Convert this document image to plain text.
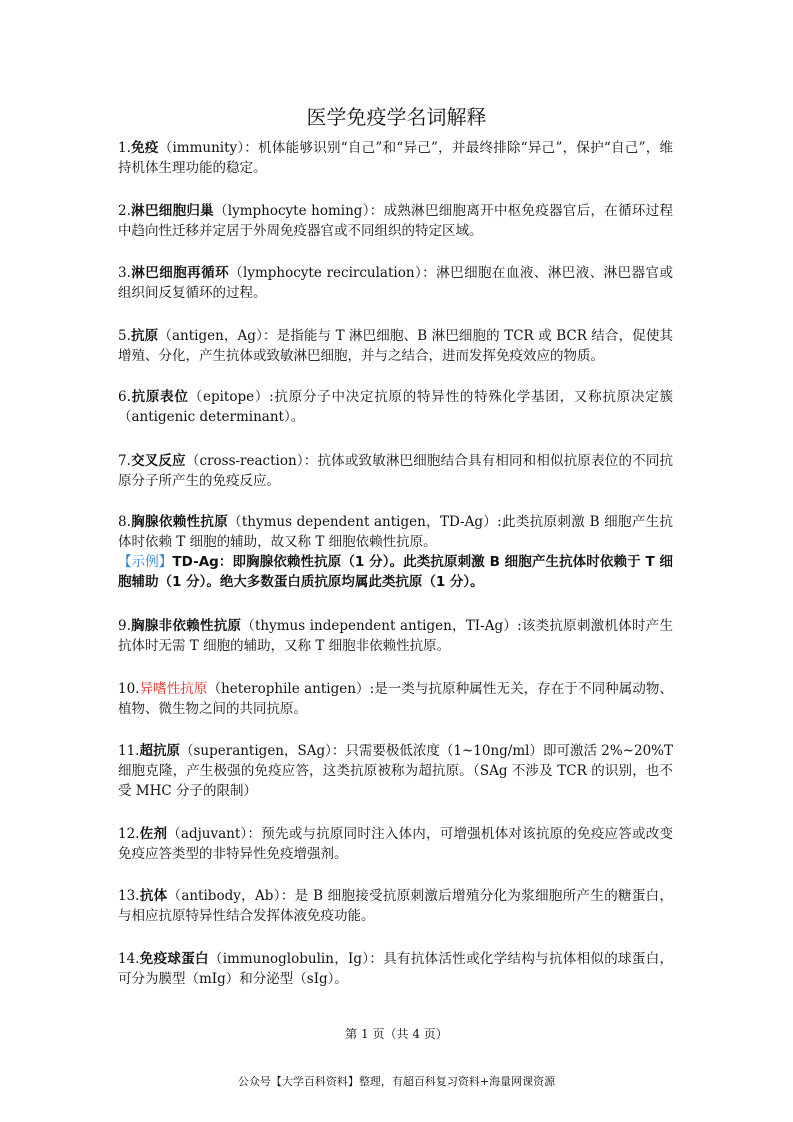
医学免疫学名词解释
1.免疫（immunity）：机体能够识别“自己”和“异己”，并最终排除“异己”，保护“自己”，维持机体生理功能的稳定。
2.淋巴细胞归巢（lymphocyte homing）：成熟淋巴细胞离开中枢免疫器官后，在循环过程中趋向性迁移并定居于外周免疫器官或不同组织的特定区域。
3.淋巴细胞再循环（lymphocyte recirculation）：淋巴细胞在血液、淋巴液、淋巴器官或组织间反复循环的过程。
5.抗原（antigen，Ag）：是指能与 T 淋巴细胞、B 淋巴细胞的 TCR 或 BCR 结合，促使其增殖、分化，产生抗体或致敏淋巴细胞，并与之结合，进而发挥免疫效应的物质。
6.抗原表位（epitope）:抗原分子中决定抗原的特异性的特殊化学基团，又称抗原决定簇（antigenic determinant）。
7.交叉反应（cross-reaction）：抗体或致敏淋巴细胞结合具有相同和相似抗原表位的不同抗原分子所产生的免疫反应。
8.胸腺依赖性抗原（thymus dependent antigen，TD-Ag）:此类抗原刺激 B 细胞产生抗体时依赖 T 细胞的辅助，故又称 T 细胞依赖性抗原。
【示例】TD-Ag：即胸腺依赖性抗原（1 分）。此类抗原刺激 B 细胞产生抗体时依赖于 T 细胞辅助（1 分）。绝大多数蛋白质抗原均属此类抗原（1 分）。
9.胸腺非依赖性抗原（thymus independent antigen，TI-Ag）:该类抗原刺激机体时产生抗体时无需 T 细胞的辅助，又称 T 细胞非依赖性抗原。
10.异嗜性抗原（heterophile antigen）:是一类与抗原种属性无关，存在于不同种属动物、植物、微生物之间的共同抗原。
11.超抗原（superantigen，SAg）：只需要极低浓度（1~10ng/ml）即可激活 2%~20%T 细胞克隆，产生极强的免疫应答，这类抗原被称为超抗原。（SAg 不涉及 TCR 的识别，也不受 MHC 分子的限制）
12.佐剂（adjuvant）：预先或与抗原同时注入体内，可增强机体对该抗原的免疫应答或改变免疫应答类型的非特异性免疫增强剂。
13.抗体（antibody，Ab）：是 B 细胞接受抗原刺激后增殖分化为浆细胞所产生的糖蛋白，与相应抗原特异性结合发挥体液免疫功能。
14.免疫球蛋白（immunoglobulin，Ig）：具有抗体活性或化学结构与抗体相似的球蛋白，可分为膜型（mIg）和分泌型（sIg）。
第 1 页（共 4 页）
公众号【大学百科资料】整理，有超百科复习资料+海量网课资源
